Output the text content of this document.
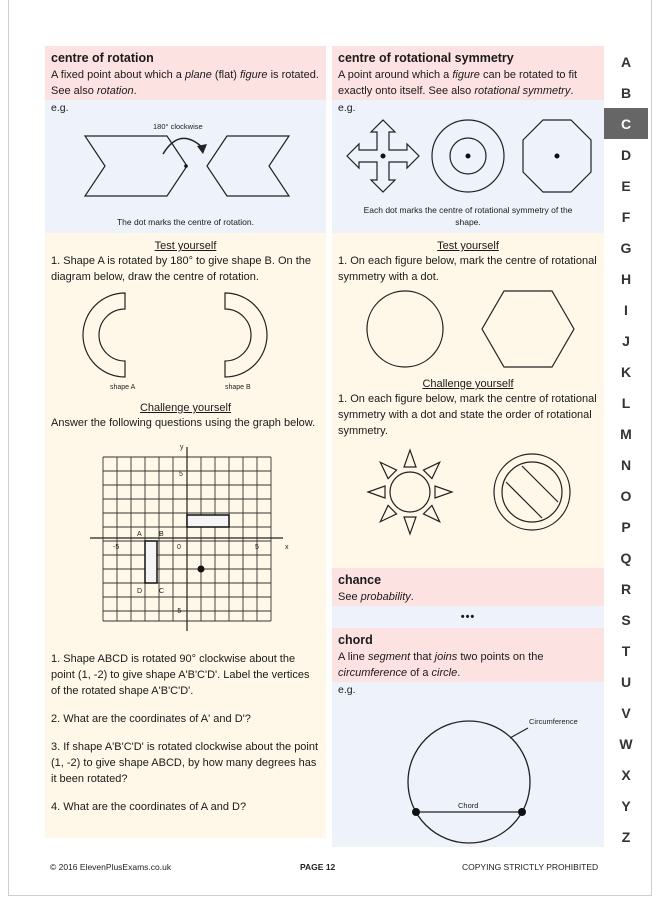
centre of rotation
A fixed point about which a plane (flat) figure is rotated. See also rotation.
e.g.
180° clockwise
The dot marks the centre of rotation.
Test yourself
1. Shape A is rotated by 180° to give shape B. On the diagram below, draw the centre of rotation.
shape A	shape B
Challenge yourself
Answer the following questions using the graph below.
y
x
-5	5
0
5
-5
A B
C
D
1. Shape ABCD is rotated 90° clockwise about the point (1, -2) to give shape A'B'C'D'. Label the vertices of the rotated shape A'B'C'D'.
2. What are the coordinates of A' and D'?
3. If shape A'B'C'D' is rotated clockwise about the point (1, -2) to give shape ABCD, by how many degrees has it been rotated?
4. What are the coordinates of A and D?
centre of rotational symmetry
A point around which a figure can be rotated to fit exactly onto itself. See also rotational symmetry.
e.g.
Each dot marks the centre of rotational symmetry of the shape.
Test yourself
1. On each figure below, mark the centre of rotational symmetry with a dot.
Challenge yourself
1. On each figure below, mark the centre of rotational symmetry with a dot and state the order of rotational symmetry.
chance
See probability.
•••
chord
A line segment that joins two points on the circumference of a circle.
e.g.
Circumference
Chord
A
B
C
D
E
F
G
H
I
J
K
L
M
N
O
P
Q
R
S
T
U
V
W
X
Y
Z
© 2016 ElevenPlusExams.co.uk	PAGE 12	COPYING STRICTLY PROHIBITED
